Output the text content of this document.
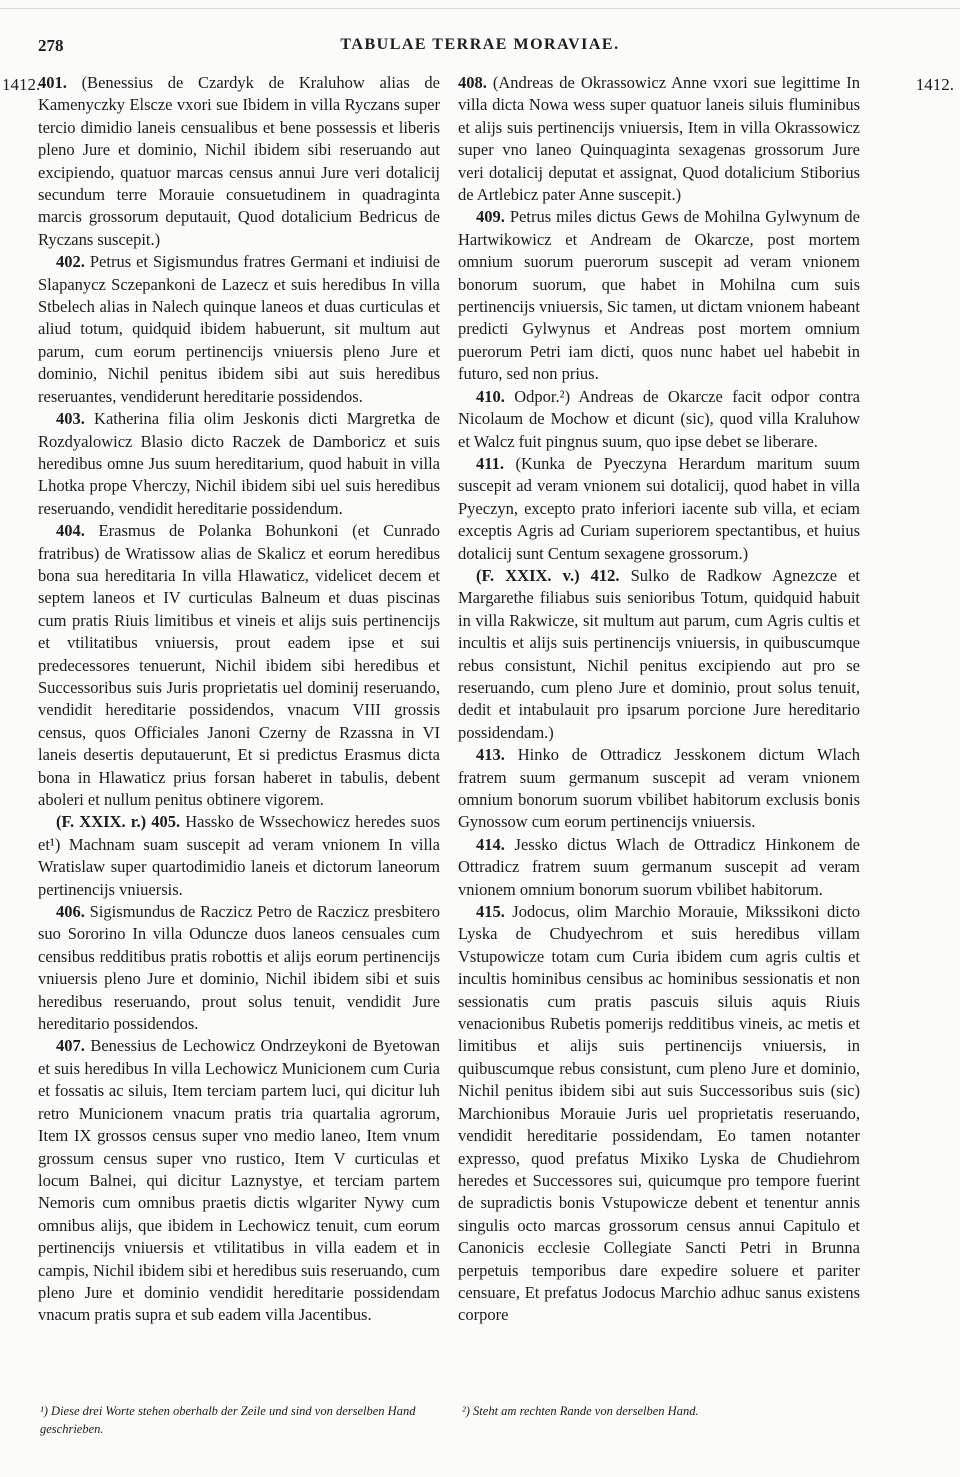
278	TABULAE TERRAE MORAVIAE.
1412.	1412.

401. (Benessius de Czardyk de Kraluhow alias de Kamenyczky Elscze vxori sue Ibidem in villa Ryczans super tercio dimidio laneis censualibus et bene possessis et liberis pleno Jure et dominio, Nichil ibidem sibi reseruando aut excipiendo, quatuor marcas census annui Jure veri dotalicij secundum terre Morauie consuetudinem in quadraginta marcis grossorum deputauit, Quod dotalicium Bedricus de Ryczans suscepit.)

402. Petrus et Sigismundus fratres Germani et indiuisi de Slapanycz Sczepankoni de Lazecz et suis heredibus In villa Stbelech alias in Nalech quinque laneos et duas curticulas et aliud totum, quidquid ibidem habuerunt, sit multum aut parum, cum eorum pertinencijs vniuersis pleno Jure et dominio, Nichil penitus ibidem sibi aut suis heredibus reseruantes, vendiderunt hereditarie possidendos.

403. Katherina filia olim Jeskonis dicti Margretka de Rozdyalowicz Blasio dicto Raczek de Damboricz et suis heredibus omne Jus suum hereditarium, quod habuit in villa Lhotka prope Vherczy, Nichil ibidem sibi uel suis heredibus reseruando, vendidit hereditarie possidendum.

404. Erasmus de Polanka Bohunkoni (et Cunrado fratribus) de Wratissow alias de Skalicz et eorum heredibus bona sua hereditaria In villa Hlawaticz, videlicet decem et septem laneos et IV curticulas Balneum et duas piscinas cum pratis Riuis limitibus et vineis et alijs suis pertinencijs et vtilitatibus vniuersis, prout eadem ipse et sui predecessores tenuerunt, Nichil ibidem sibi heredibus et Successoribus suis Juris proprietatis uel dominij reseruando, vendidit hereditarie possidendos, vnacum VIII grossis census, quos Officiales Janoni Czerny de Rzassna in VI laneis desertis deputauerunt, Et si predictus Erasmus dicta bona in Hlawaticz prius forsan haberet in tabulis, debent aboleri et nullum penitus obtinere vigorem.

(F. XXIX. r.) 405. Hassko de Wssechowicz heredes suos et¹) Machnam suam suscepit ad veram vnionem In villa Wratislaw super quartodimidio laneis et dictorum laneorum pertinencijs vniuersis.

406. Sigismundus de Raczicz Petro de Raczicz presbitero suo Sororino In villa Oduncze duos laneos censuales cum censibus redditibus pratis robottis et alijs eorum pertinencijs vniuersis pleno Jure et dominio, Nichil ibidem sibi et suis heredibus reseruando, prout solus tenuit, vendidit Jure hereditario possidendos.

407. Benessius de Lechowicz Ondrzeykoni de Byetowan et suis heredibus In villa Lechowicz Municionem cum Curia et fossatis ac siluis, Item terciam partem luci, qui dicitur luh retro Municionem vnacum pratis tria quartalia agrorum, Item IX grossos census super vno medio laneo, Item vnum grossum census super vno rustico, Item V curticulas et locum Balnei, qui dicitur Laznystye, et terciam partem Nemoris cum omnibus praetis dictis wlgariter Nywy cum omnibus alijs, que ibidem in Lechowicz tenuit, cum eorum pertinencijs vniuersis et vtilitatibus in villa eadem et in campis, Nichil ibidem sibi et heredibus suis reseruando, cum pleno Jure et dominio vendidit hereditarie possidendam vnacum pratis supra et sub eadem villa Jacentibus.

408. (Andreas de Okrassowicz Anne vxori sue legittime In villa dicta Nowa wess super quatuor laneis siluis fluminibus et alijs suis pertinencijs vniuersis, Item in villa Okrassowicz super vno laneo Quinquaginta sexagenas grossorum Jure veri dotalicij deputat et assignat, Quod dotalicium Stiborius de Artlebicz pater Anne suscepit.)

409. Petrus miles dictus Gews de Mohilna Gylwynum de Hartwikowicz et Andream de Okarcze, post mortem omnium suorum puerorum suscepit ad veram vnionem bonorum suorum, que habet in Mohilna cum suis pertinencijs vniuersis, Sic tamen, ut dictam vnionem habeant predicti Gylwynus et Andreas post mortem omnium puerorum Petri iam dicti, quos nunc habet uel habebit in futuro, sed non prius.

410. Odpor.²) Andreas de Okarcze facit odpor contra Nicolaum de Mochow et dicunt (sic), quod villa Kraluhow et Walcz fuit pingnus suum, quo ipse debet se liberare.

411. (Kunka de Pyeczyna Herardum maritum suum suscepit ad veram vnionem sui dotalicij, quod habet in villa Pyeczyn, excepto prato inferiori iacente sub villa, et eciam exceptis Agris ad Curiam superiorem spectantibus, et huius dotalicij sunt Centum sexagene grossorum.)

(F. XXIX. v.) 412. Sulko de Radkow Agnezcze et Margarethe filiabus suis senioribus Totum, quidquid habuit in villa Rakwicze, sit multum aut parum, cum Agris cultis et incultis et alijs suis pertinencijs vniuersis, in quibuscumque rebus consistunt, Nichil penitus excipiendo aut pro se reseruando, cum pleno Jure et dominio, prout solus tenuit, dedit et intabulauit pro ipsarum porcione Jure hereditario possidendam.)

413. Hinko de Ottradicz Jesskonem dictum Wlach fratrem suum germanum suscepit ad veram vnionem omnium bonorum suorum vbilibet habitorum exclusis bonis Gynossow cum eorum pertinencijs vniuersis.

414. Jessko dictus Wlach de Ottradicz Hinkonem de Ottradicz fratrem suum germanum suscepit ad veram vnionem omnium bonorum suorum vbilibet habitorum.

415. Jodocus, olim Marchio Morauie, Mikssikoni dicto Lyska de Chudyechrom et suis heredibus villam Vstupowicze totam cum Curia ibidem cum agris cultis et incultis hominibus censibus ac hominibus sessionatis et non sessionatis cum pratis pascuis siluis aquis Riuis venacionibus Rubetis pomerijs redditibus vineis, ac metis et limitibus et alijs suis pertinencijs vniuersis, in quibuscumque rebus consistunt, cum pleno Jure et dominio, Nichil penitus ibidem sibi aut suis Successoribus suis (sic) Marchionibus Morauie Juris uel proprietatis reseruando, vendidit hereditarie possidendam, Eo tamen notanter expresso, quod prefatus Mixiko Lyska de Chudiehrom heredes et Successores sui, quicumque pro tempore fuerint de supradictis bonis Vstupowicze debent et tenentur annis singulis octo marcas grossorum census annui Capitulo et Canonicis ecclesie Collegiate Sancti Petri in Brunna perpetuis temporibus dare expedire soluere et pariter censuare, Et prefatus Jodocus Marchio adhuc sanus existens corpore

¹) Diese drei Worte stehen oberhalb der Zeile und sind von derselben Hand geschrieben.
²) Steht am rechten Rande von derselben Hand.
